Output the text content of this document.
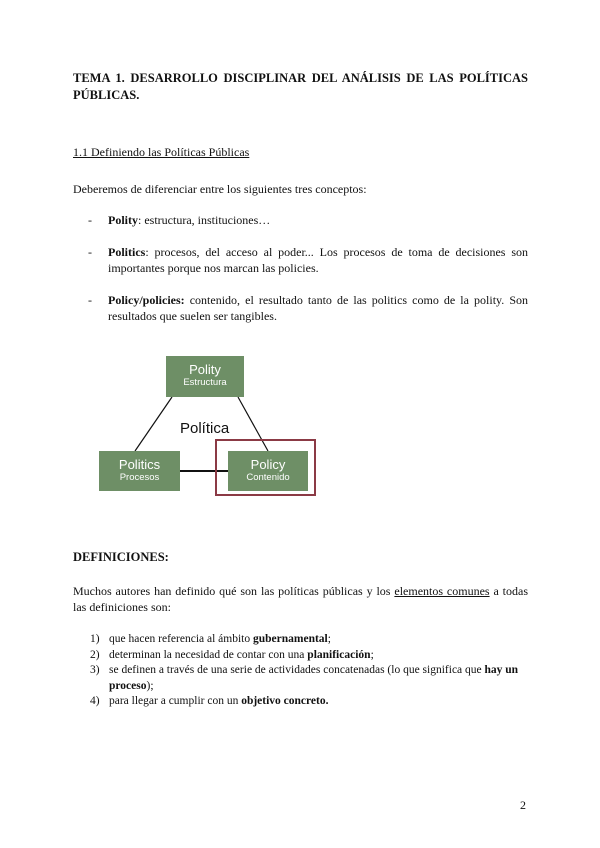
TEMA 1. DESARROLLO DISCIPLINAR DEL ANÁLISIS DE LAS POLÍTICAS
PÚBLICAS.
1.1 Definiendo las Políticas Públicas
Deberemos de diferenciar entre los siguientes tres conceptos:
- Polity: estructura, instituciones…
- Politics: procesos, del acceso al poder... Los procesos de toma de decisiones son importantes porque nos marcan las policies.
- Policy/policies: contenido, el resultado tanto de las politics como de la polity. Son resultados que suelen ser tangibles.
Política
Polity
Estructura
Politics
Procesos
Policy
Contenido
DEFINICIONES:
Muchos autores han definido qué son las políticas públicas y los elementos comunes a todas las definiciones son:
1) que hacen referencia al ámbito gubernamental;
2) determinan la necesidad de contar con una planificación;
3) se definen a través de una serie de actividades concatenadas (lo que significa que hay un proceso);
4) para llegar a cumplir con un objetivo concreto.
2
